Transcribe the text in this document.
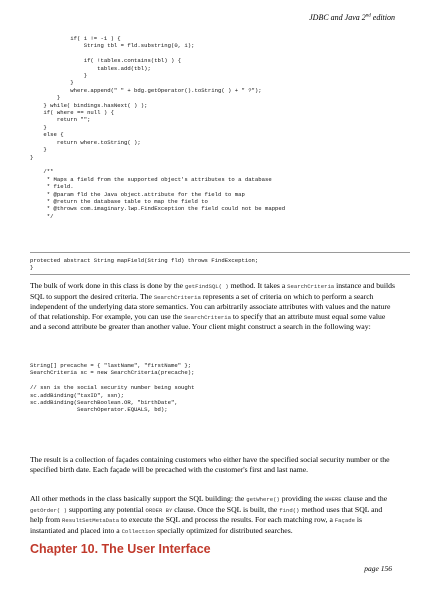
JDBC and Java 2nd edition
if( i != -1 ) {
String tbl = fld.substring(0, i);

if( !tables.contains(tbl) ) {
tables.add(tbl);
}
}
where.append(" " + bdg.getOperator().toString( ) + " ?");
}
} while( bindings.hasNext( ) );
if( where == null ) {
return "";
}
else {
return where.toString( );
}
}

/**
* Maps a field from the supported object's attributes to a database
* field.
* @param fld the Java object.attribute for the field to map
* @return the database table to map the field to
* @throws com.imaginary.lwp.FindException the field could not be mapped
*/
protected abstract String mapField(String fld) throws FindException;
}

The bulk of work done in this class is done by the getFindSQL( ) method. It takes a SearchCriteria instance and builds SQL to support the desired criteria. The SearchCriteria represents a set of criteria on which to perform a search independent of the underlying data store semantics. You can arbitrarily associate attributes with values and the nature of that relationship. For example, you can use the SearchCriteria to specify that an attribute must equal some value and a second attribute be greater than another value. Your client might construct a search in the following way:

String[] precache = { "lastName", "firstName" };
SearchCriteria sc = new SearchCriteria(precache);

// ssn is the social security number being sought
sc.addBinding("taxID", ssn);
sc.addBinding(SearchBoolean.OR, "birthDate",
SearchOperator.EQUALS, bd);

The result is a collection of façades containing customers who either have the specified social security number or the specified birth date. Each façade will be precached with the customer's first and last name.

All other methods in the class basically support the SQL building: the getWhere() providing the WHERE clause and the getOrder( ) supporting any potential ORDER BY clause. Once the SQL is built, the find() method uses that SQL and help from ResultSetMetaData to execute the SQL and process the results. For each matching row, a Façade is instantiated and placed into a Collection specially optimized for distributed searches.

Chapter 10. The User Interface
page 156
